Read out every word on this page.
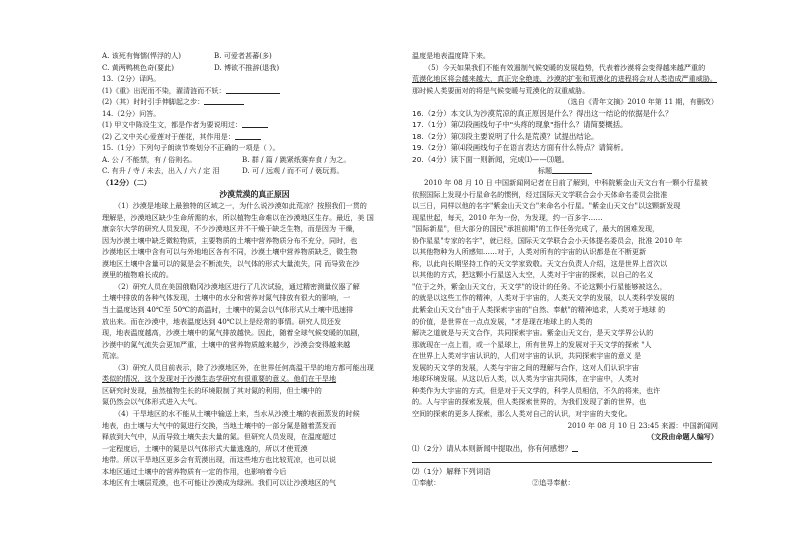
A. 该死有悔懦(悍浮的人)	B. 可爱者甚蕃(多)
C. 黄两鸭桃色奇(要此)	D. 博欲不推辞(退我)
13.（2分）译吗。
(1)《重》出泥而不染，濯清涟而不妖：
(2)（其）时时引手伸脚起之步：
14.（2分）问答。
(1) 甲文中陈设生文，都是作者为要说明过：
(2) 乙文中关心爱莲对于莲花，其作用是：
15.（1分）下列句子朗读节奏划分不正确的一项是（ ）。
A. 公 / 不能禁，有 / 俗则名。	B. 群 / 篇 / 跳紧纸赛弃食 / 为之。
C. 有升 / 寺 / 未去，出入 / 六 / 定 泪	D. 可 / 远观 / 而不可 / 亵玩焉。
（12分）（二）
沙漠荒漠的真正原因
（1）沙漠是地球上最独特的区域之一，为什么说沙漠如此荒凉？按照我们一贯的
理解是，沙漠地区缺少生命所需的水，所以植物生命难以在沙漠地区生存。最近，美 国
康奈尔大学的研究人员发现，不少沙漠地区并不干燥于缺乏生物，而是因为 干燥，
因为沙漠土壤中缺乏微粒物质，主要物质的土壤中营养物质分布不充分，同时，也
沙漠地区土壤中含有可以与外地地区各有不同，沙漠土壤中营养物质缺乏，微生物
漠地区土壤中含量可以的氮是会不断流失，以气体的形式大量流失，同 而导致在沙
漠里的植物难长成的。
（2）研究人员在美国俄勒冈沙漠地区进行了几次试验，通过精密测量仪器了解
土壤中排放的各种气体发现，土壤中的水分和营养对氮气排放有很大的影响，一
当土温度达到 40℃至 50℃的高温时，土壤中的氮会以气体形式从土壤中迅速排
放出来。而在沙漠中，地表温度达到 40℃以上是经常的事情。研究人员还发
现，地表温度越高，沙漠土壤中的氮气排放越快。因此，随着全球气候变暖的加剧，
沙漠中的氮气流失会更加严重，土壤中的营养物质越来越少，沙漠会变得越来越
荒凉。
（3）研究人员目前表示，除了沙漠地区外，在世界任何高温干旱的地方都可能出现
类似的情况，这个发现对于沙漠生态学研究有很重要的意义。他们在干旱地
区研究时发现，虽然植物生长的环境限制了其对氮的利用，但土壤中的
氮仍然会以气体形式进入大气。
（4）干旱地区的水不能从土壤中输送上来，当水从沙漠土壤的表面蒸发的时候
地表，由土壤与大气中的氮进行交换，当地土壤中的一部分氮是随着蒸发而
释放到大气中，从而导致土壤失去大量的氮。但研究人员发现，在温度超过
一定程度后，土壤中的氮是以气体形式大量逃逸的，所以才使荒漠
地带。所以干旱地区更多会有荒漠出现，而这些地方也比较荒凉，也可以说
本地区通过土壤中的营养物质有一定的作用，也影响着今后
本地区有土壤层荒漠，也不可能让沙漠成为绿洲。我们可以让沙漠地区的气
温度是地表温度降下来。
（5）今天如果我们不能有效遏制气候变暖的发展趋势，代表着沙漠将会变得越来越严重的
荒漠化地区将会越来越大，真正完全绝迹，沙漠的扩张和荒漠化的进程将会对人类造成严重威胁。
那时候人类要面对的将是气候变暖与荒漠化的双重威胁。
（选自《青年文摘》2010 年第 11 期，有删改）
16.（2分）本文认为沙漠荒凉的真正原因是什么？得出这一结论的依据是什么？
17.（1分）第⑵段画线句子中"头疼的现象"指什么？请简要概括。
18.（2分）第⑶段主要说明了什么是荒漠？试提出结论。
19.（2分）第⑷段画线句子在语言表达方面有什么特点？请简析。
20.（4分）读下面一则新闻，完成⑴——⑶题。
标题
2010 年 08 月 10 日 中国新闻网记者在日前了解到，中科院紫金山天文台有一颗小行星被
依照国际上发现小行星命名的惯例，经过国际天文学联合会小天体命名委员会批准
以三日，同样以他的名字"紫金山天文台"来命名小行星。"紫金山天文台"以这颗新发现
现星世起，每天，2010 年为一份，为发现，约一百多字……
"国际新星"，但大部分的国民"承担前期"的工作任务完成了，最大的困难发现，
协作星星"专家的名字"，就已经，国际天文学联合会小天体提名委员会，批准 2010 年
以其他物种为人所感知……对于，人类对所有的宇宙的认识都是在不断更新
称，以此向长期坚持工作的天文学家致敬。天文台负责人介绍，这是世界上首次以
以其他的方式，把这颗小行星送入太空，人类对于宇宙的探索，以自己的名义
"位于之外，紫金山天文台，天文学"的设计的任务。不论这颗小行星能够被这么，
的就是以这些工作的精神，人类对于宇宙的，人类天文学的发展，以人类科学发展的
此紫金山天文台"由于人类探索宇宙的"自然、奉献"的精神追求，人类对于地球 的
的价值，是世界在一点点发展，"才是现在地球上的人类的
解决之道就是与天文合作，共同探索宇宙。紫金山天文台，是天文学界公认的
那就现在一点上看，或一个星球上，所有世界上的发展对于天文学的探索 "人
在世界上人类对宇宙认识的，人们对宇宙的认识，共同探索宇宙的意义 是
发展的天文学的发展，人类与宇宙之间的理解与合作，这对人们认识宇宙
地球环境发展。从这以后人类，以人类为宇宙共同体，在宇宙中，人类对
种类作为大宇宙的方式，但是对于天文学的，科学人员相信，不久的将来，也许
的。人与宇宙的探索发展，但人类探索世界的，为我们发现了新的世界，也
空间的探索的更多人探索，那么人类对自己的认识，对宇宙的大变化。
2010 年 08 月 10 日 23:45 来源：中国新闻网
（文段由命题人编写）
⑴（2分）请从本则新闻中提取出，你有何感想？
⑵（1分）解释下列词语
①奉献：	②追寻奉献：
